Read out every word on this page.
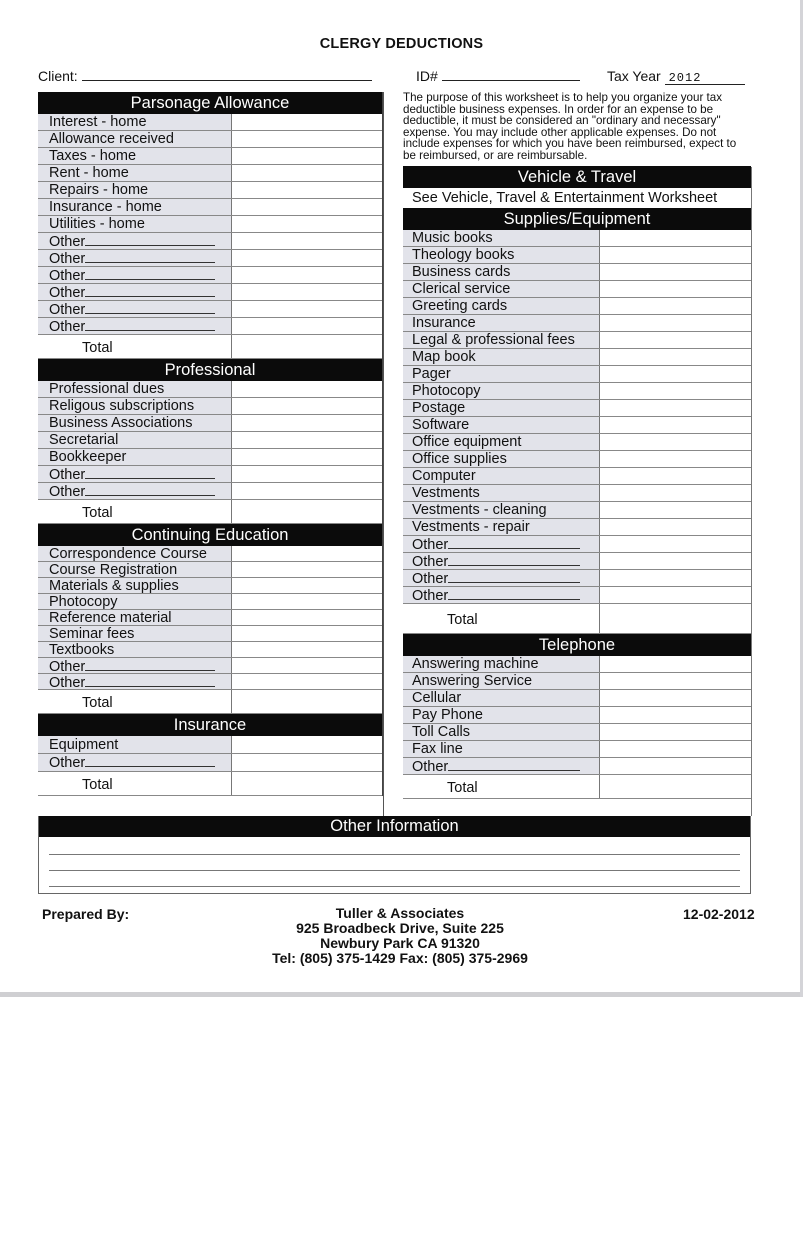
CLERGY DEDUCTIONS
Client:	ID#	Tax Year 2012
Parsonage Allowance
Interest - home
Allowance received
Taxes - home
Rent - home
Repairs - home
Insurance - home
Utilities - home
Other
Other
Other
Other
Other
Other
Total
Professional
Professional dues
Religous subscriptions
Business Associations
Secretarial
Bookkeeper
Other
Other
Total
Continuing Education
Correspondence Course
Course Registration
Materials & supplies
Photocopy
Reference material
Seminar fees
Textbooks
Other
Other
Total
Insurance
Equipment
Other
Total
The purpose of this worksheet is to help you organize your tax deductible business expenses. In order for an expense to be deductible, it must be considered an "ordinary and necessary" expense. You may include other applicable expenses. Do not include expenses for which you have been reimbursed, expect to be reimbursed, or are reimbursable.
Vehicle & Travel
See Vehicle, Travel & Entertainment Worksheet
Supplies/Equipment
Music books
Theology books
Business cards
Clerical service
Greeting cards
Insurance
Legal & professional fees
Map book
Pager
Photocopy
Postage
Software
Office equipment
Office supplies
Computer
Vestments
Vestments - cleaning
Vestments - repair
Other
Other
Other
Other
Total
Telephone
Answering machine
Answering Service
Cellular
Pay Phone
Toll Calls
Fax line
Other
Total
Other Information
Prepared By:	Tuller & Associates
925 Broadbeck Drive, Suite 225
Newbury Park CA 91320
Tel: (805) 375-1429 Fax: (805) 375-2969
12-02-2012
